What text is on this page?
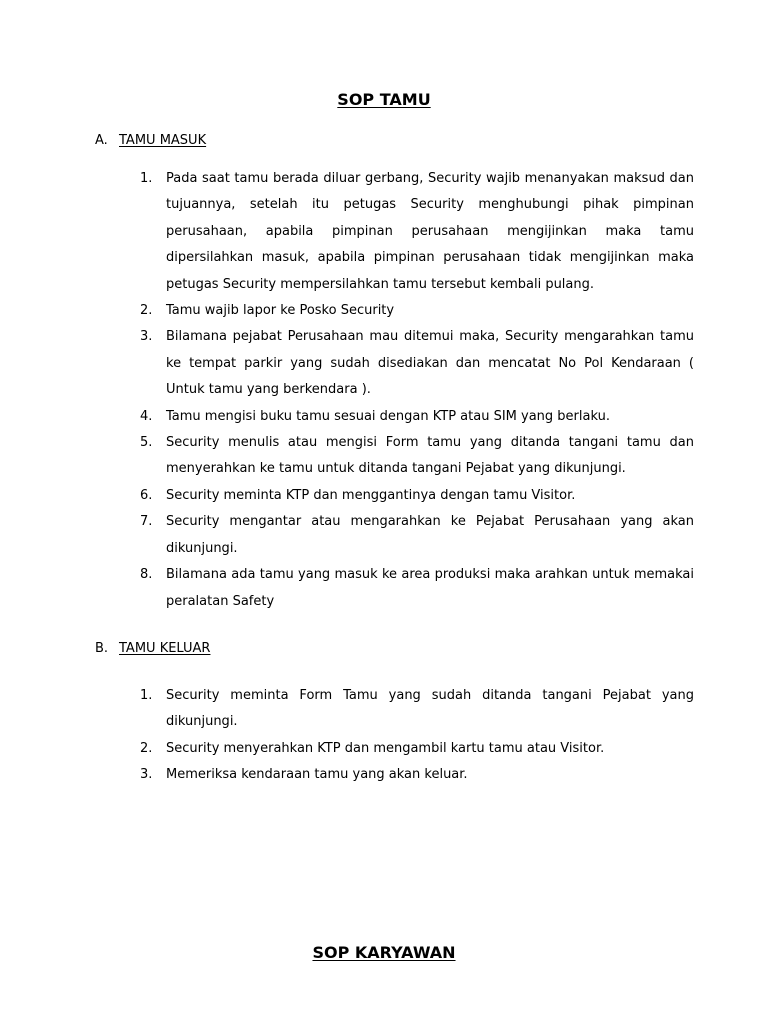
SOP TAMU
A. TAMU MASUK
1. Pada saat tamu berada diluar gerbang, Security wajib menanyakan maksud dan tujuannya, setelah itu petugas Security menghubungi pihak pimpinan perusahaan, apabila pimpinan perusahaan mengijinkan maka tamu dipersilahkan masuk, apabila pimpinan perusahaan tidak mengijinkan maka petugas Security mempersilahkan tamu tersebut kembali pulang.
2. Tamu wajib lapor ke Posko Security
3. Bilamana pejabat Perusahaan mau ditemui maka, Security mengarahkan tamu ke tempat parkir yang sudah disediakan dan mencatat No Pol Kendaraan ( Untuk tamu yang berkendara ).
4. Tamu mengisi buku tamu sesuai dengan KTP atau SIM yang berlaku.
5. Security menulis atau mengisi Form tamu yang ditanda tangani tamu dan menyerahkan ke tamu untuk ditanda tangani Pejabat yang dikunjungi.
6. Security meminta KTP dan menggantinya dengan tamu Visitor.
7. Security mengantar atau mengarahkan ke Pejabat Perusahaan yang akan dikunjungi.
8. Bilamana ada tamu yang masuk ke area produksi maka arahkan untuk memakai peralatan Safety
B. TAMU KELUAR
1. Security meminta Form Tamu yang sudah ditanda tangani Pejabat yang dikunjungi.
2. Security menyerahkan KTP dan mengambil kartu tamu atau Visitor.
3. Memeriksa kendaraan tamu yang akan keluar.
SOP KARYAWAN
